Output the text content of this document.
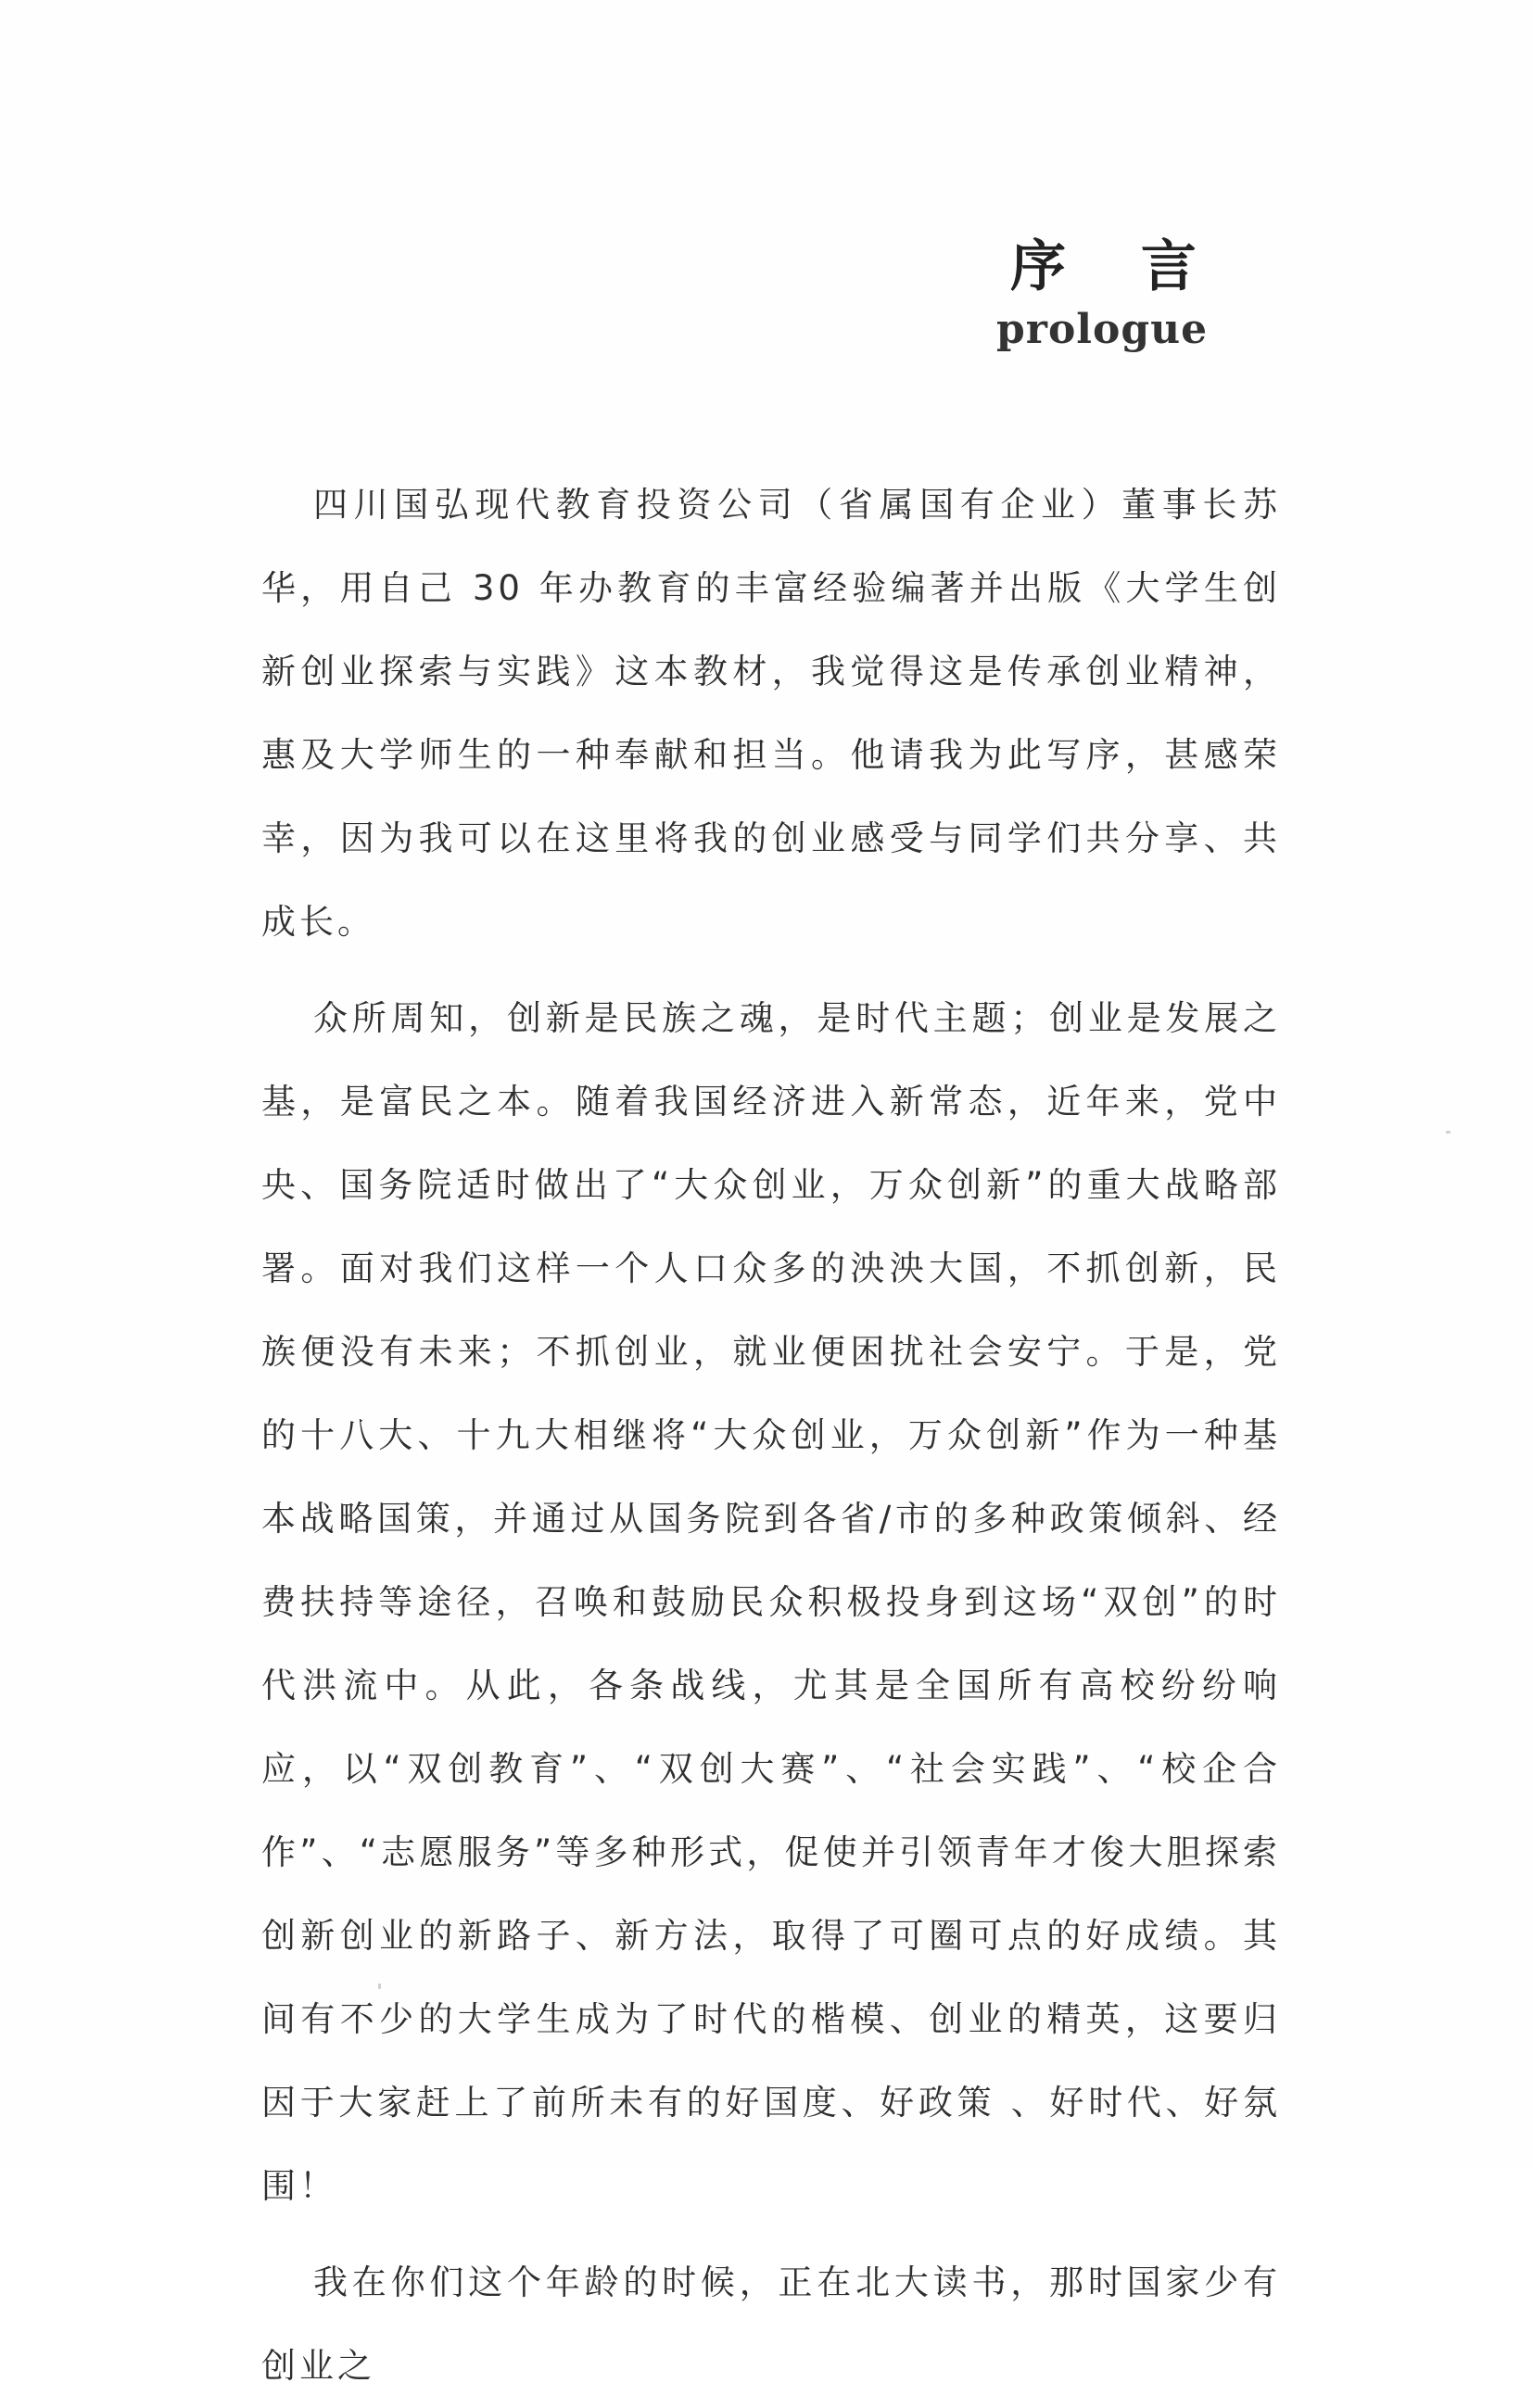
序 言
prologue

四川国弘现代教育投资公司（省属国有企业）董事长苏华，用自己 30 年办教育的丰富经验编著并出版《大学生创新创业探索与实践》这本教材，我觉得这是传承创业精神，惠及大学师生的一种奉献和担当。他请我为此写序，甚感荣幸，因为我可以在这里将我的创业感受与同学们共分享、共成长。

众所周知，创新是民族之魂，是时代主题；创业是发展之基，是富民之本。随着我国经济进入新常态，近年来，党中央、国务院适时做出了“大众创业，万众创新”的重大战略部署。面对我们这样一个人口众多的泱泱大国，不抓创新，民族便没有未来；不抓创业，就业便困扰社会安宁。于是，党的十八大、十九大相继将“大众创业，万众创新”作为一种基本战略国策，并通过从国务院到各省/市的多种政策倾斜、经费扶持等途径，召唤和鼓励民众积极投身到这场“双创”的时代洪流中。从此，各条战线，尤其是全国所有高校纷纷响应，以“双创教育”、“双创大赛”、“社会实践”、“校企合作”、“志愿服务”等多种形式，促使并引领青年才俊大胆探索创新创业的新路子、新方法，取得了可圈可点的好成绩。其间有不少的大学生成为了时代的楷模、创业的精英，这要归因于大家赶上了前所未有的好国度、好政策 、好时代、好氛围！

我在你们这个年龄的时候，正在北大读书，那时国家少有创业之
